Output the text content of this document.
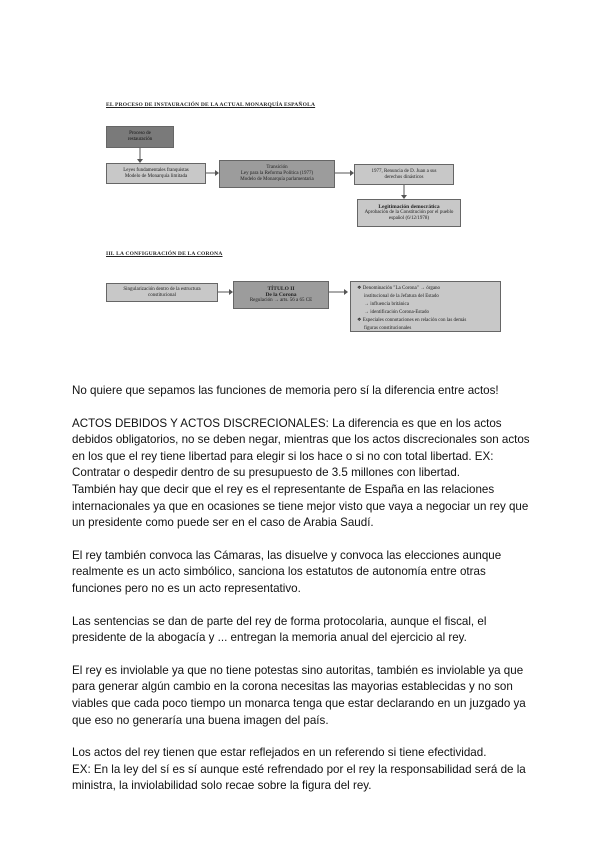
EL PROCESO DE INSTAURACIÓN DE LA ACTUAL MONARQUÍA ESPAÑOLA
Proceso de
restauración
Leyes fundamentales franquistas
Modelo de Monarquía limitada
Transición
Ley para la Reforma Política (1977)
Modelo de Monarquía parlamentaria
1977, Renuncia de D. Juan a sus
derechos dinásticos
Legitimación democrática
Aprobación de la Constitución por el pueblo
español (6/12/1978)
III. LA CONFIGURACIÓN DE LA CORONA
Singularización dentro de la estructura
constitucional
TÍTULO II
De la Corona
Regulación → arts. 56 a 65 CE
❖ Denominación "La Corona" → órgano
institucional de la Jefatura del Estado
→ influencia británica
→ identificación Corona-Estado
❖ Especiales connotaciones en relación con las demás
figuras constitucionales

No quiere que sepamos las funciones de memoria pero sí la diferencia entre actos!

ACTOS DEBIDOS Y ACTOS DISCRECIONALES: La diferencia es que en los actos debidos obligatorios, no se deben negar, mientras que los actos discrecionales son actos en los que el rey tiene libertad para elegir si los hace o si no con total libertad. EX: Contratar o despedir dentro de su presupuesto de 3.5 millones con libertad.

También hay que decir que el rey es el representante de España en las relaciones internacionales ya que en ocasiones se tiene mejor visto que vaya a negociar un rey que un presidente como puede ser en el caso de Arabia Saudí.

El rey también convoca las Cámaras, las disuelve y convoca las elecciones aunque realmente es un acto simbólico, sanciona los estatutos de autonomía entre otras funciones pero no es un acto representativo.

Las sentencias se dan de parte del rey de forma protocolaria, aunque el fiscal, el presidente de la abogacía y ... entregan la memoria anual del ejercicio al rey.

El rey es inviolable ya que no tiene potestas sino autoritas, también es inviolable ya que para generar algún cambio en la corona necesitas las mayorias establecidas y no son viables que cada poco tiempo un monarca tenga que estar declarando en un juzgado ya que eso no generaría una buena imagen del país.

Los actos del rey tienen que estar reflejados en un referendo si tiene efectividad.

EX: En la ley del sí es sí aunque esté refrendado por el rey la responsabilidad será de la ministra, la inviolabilidad solo recae sobre la figura del rey.
